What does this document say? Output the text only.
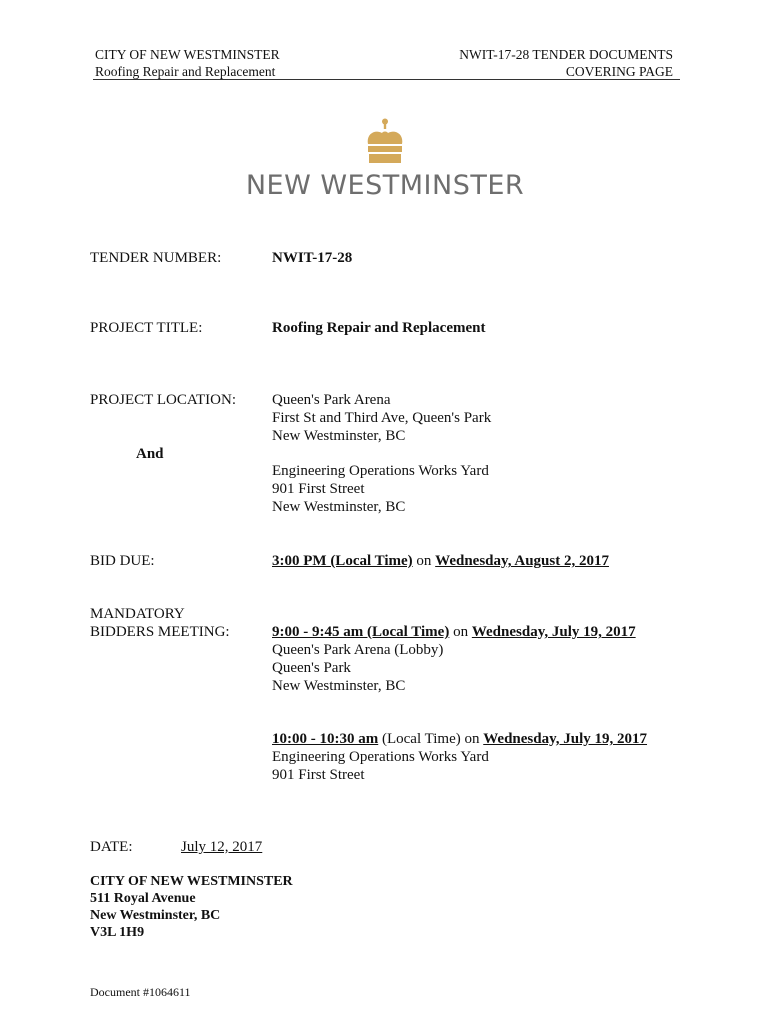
CITY OF NEW WESTMINSTER
Roofing Repair and Replacement
NWIT-17-28 TENDER DOCUMENTS
COVERING PAGE
NEW WESTMINSTER
TENDER NUMBER:	NWIT-17-28
PROJECT TITLE:	Roofing Repair and Replacement
PROJECT LOCATION: Queen's Park Arena
First St and Third Ave, Queen's Park
New Westminster, BC
And
Engineering Operations Works Yard
901 First Street
New Westminster, BC
BID DUE:	3:00 PM (Local Time) on Wednesday, August 2, 2017
MANDATORY
BIDDERS MEETING:	9:00 - 9:45 am (Local Time) on Wednesday, July 19, 2017
Queen's Park Arena (Lobby)
Queen's Park
New Westminster, BC
10:00 - 10:30 am (Local Time) on Wednesday, July 19, 2017
Engineering Operations Works Yard
901 First Street
DATE:	July 12, 2017
CITY OF NEW WESTMINSTER
511 Royal Avenue
New Westminster, BC
V3L 1H9
Document #1064611
